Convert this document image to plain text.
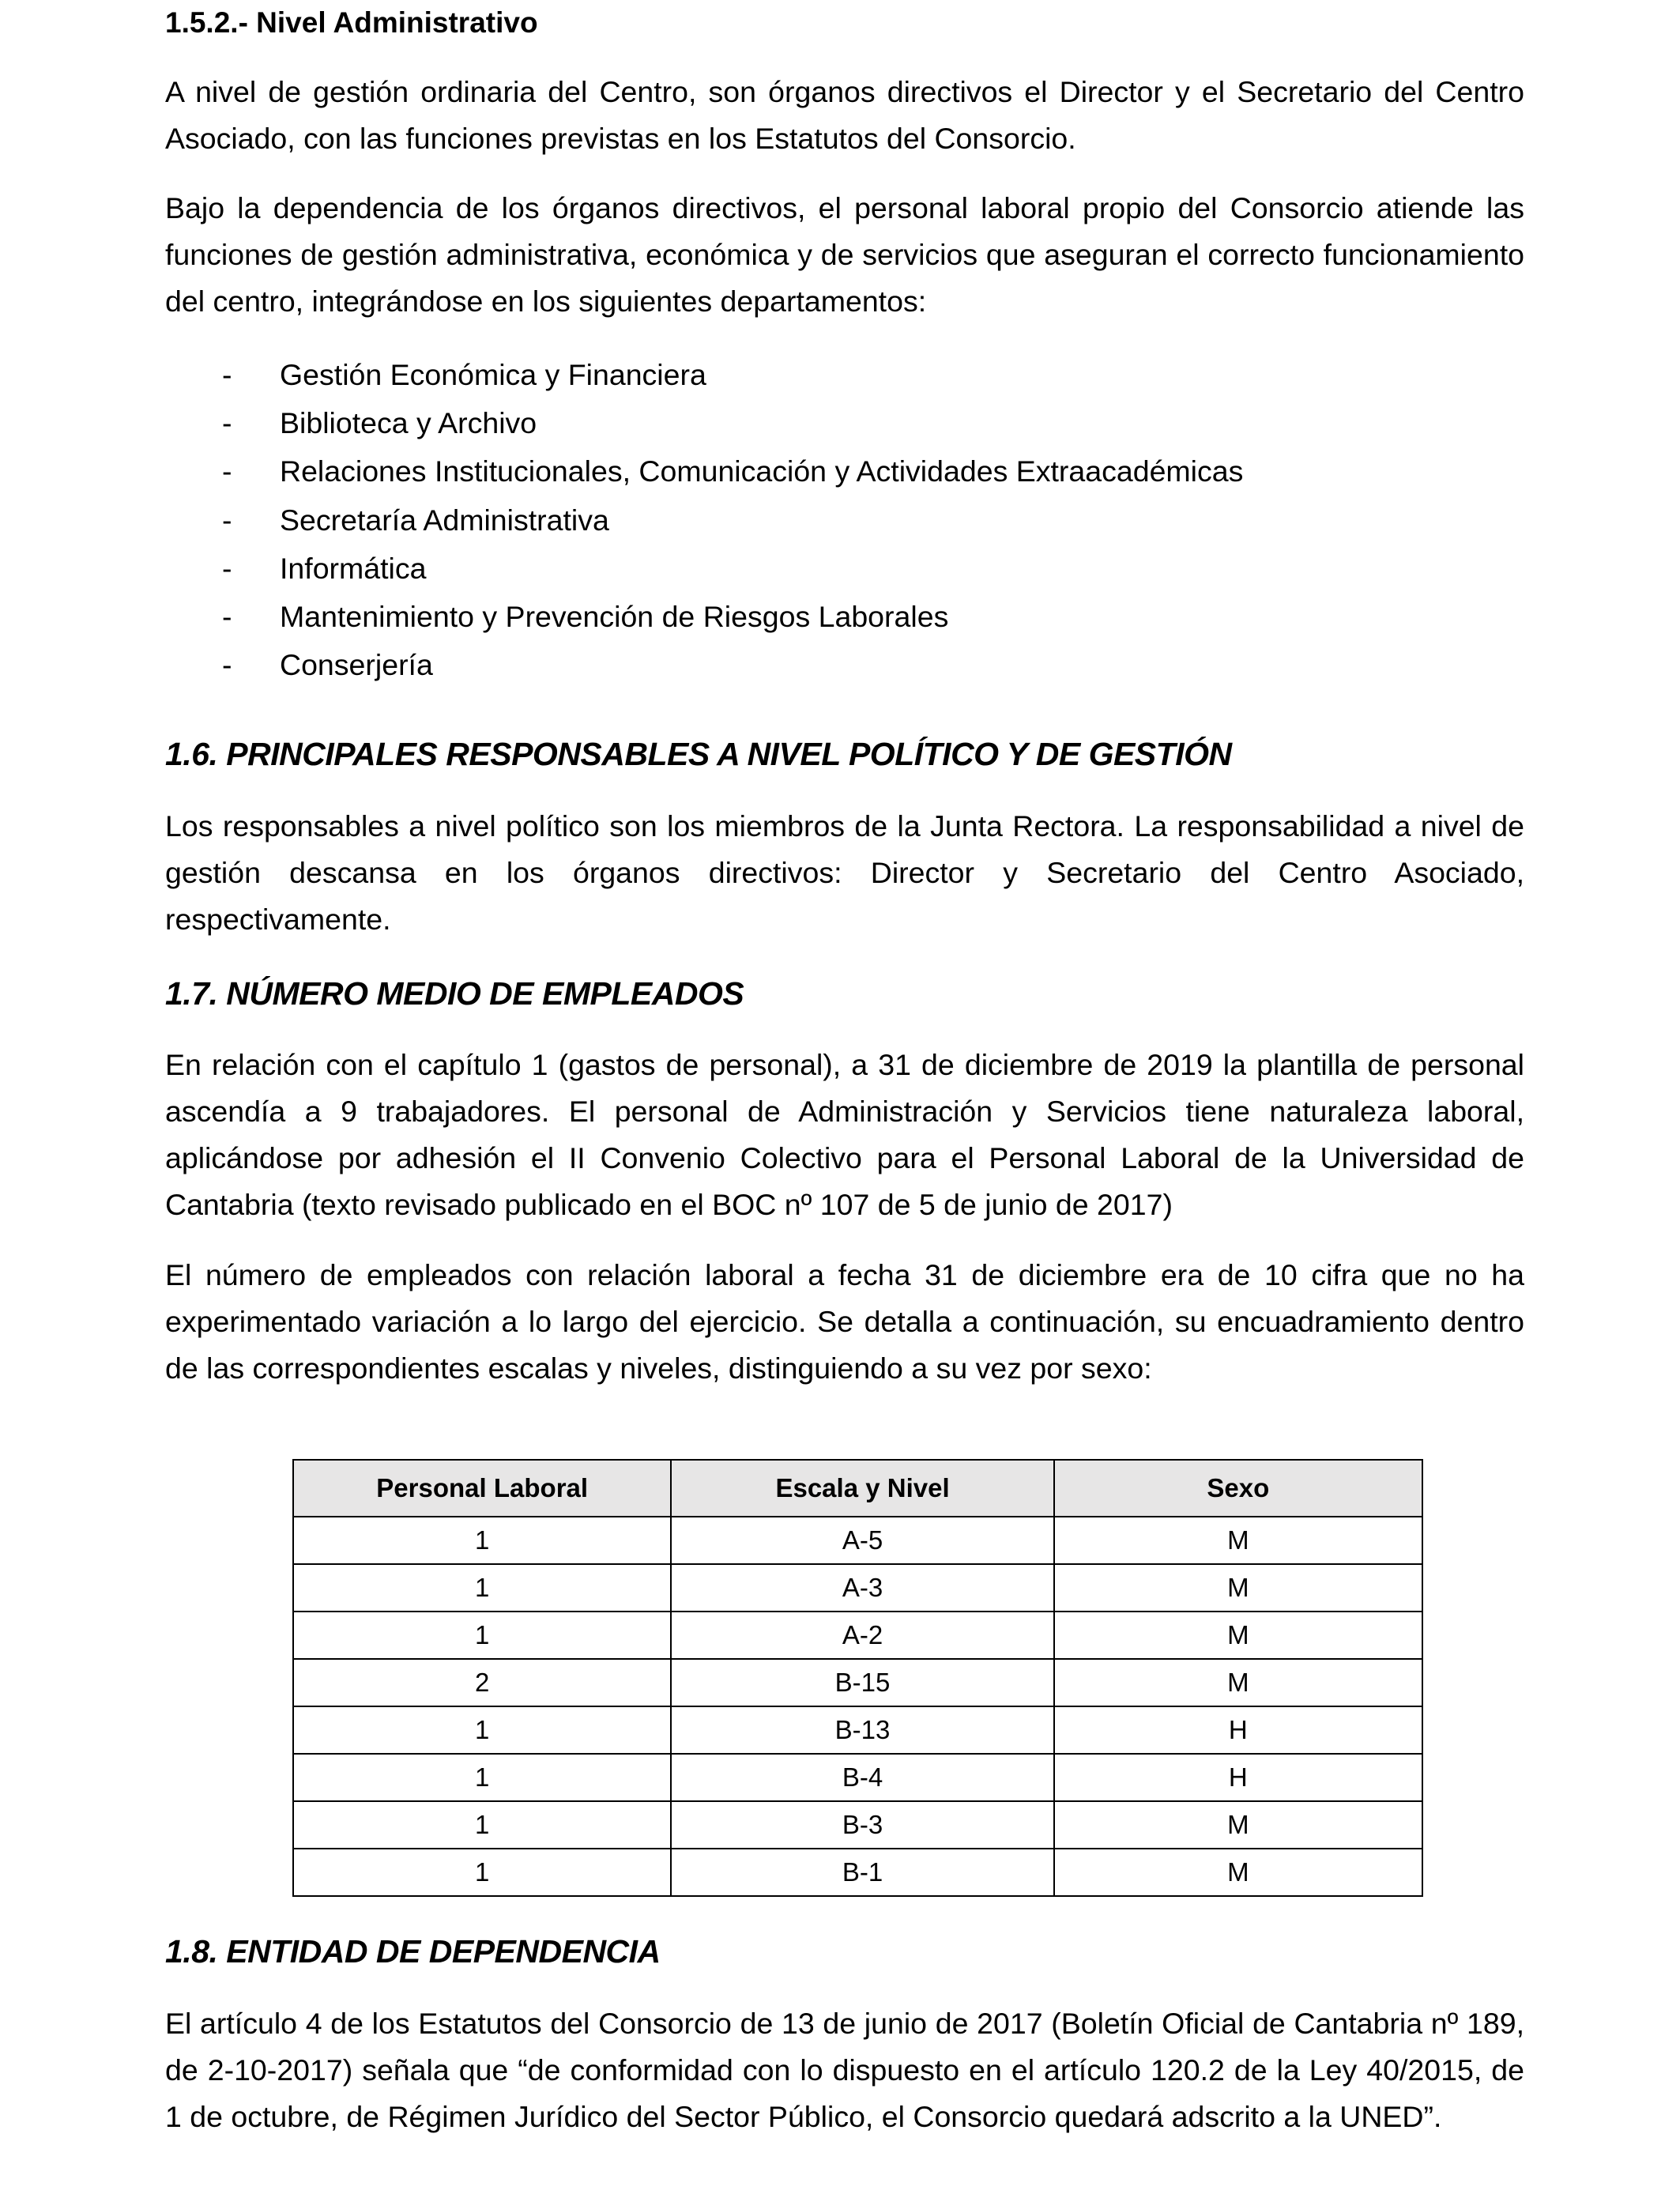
1.5.2.- Nivel Administrativo

A nivel de gestión ordinaria del Centro, son órganos directivos el Director y el Secretario del Centro Asociado, con las funciones previstas en los Estatutos del Consorcio.

Bajo la dependencia de los órganos directivos, el personal laboral propio del Consorcio atiende las funciones de gestión administrativa, económica y de servicios que aseguran el correcto funcionamiento del centro, integrándose en los siguientes departamentos:

- Gestión Económica y Financiera
- Biblioteca y Archivo
- Relaciones Institucionales, Comunicación y Actividades Extraacadémicas
- Secretaría Administrativa
- Informática
- Mantenimiento y Prevención de Riesgos Laborales
- Conserjería
1.6. PRINCIPALES RESPONSABLES A NIVEL POLÍTICO Y DE GESTIÓN

Los responsables a nivel político son los miembros de la Junta Rectora. La responsabilidad a nivel de gestión descansa en los órganos directivos: Director y Secretario del Centro Asociado, respectivamente.

1.7. NÚMERO MEDIO DE EMPLEADOS

En relación con el capítulo 1 (gastos de personal), a 31 de diciembre de 2019 la plantilla de personal ascendía a 9 trabajadores. El personal de Administración y Servicios tiene naturaleza laboral, aplicándose por adhesión el II Convenio Colectivo para el Personal Laboral de la Universidad de Cantabria (texto revisado publicado en el BOC nº 107 de 5 de junio de 2017)

El número de empleados con relación laboral a fecha 31 de diciembre era de 10 cifra que no ha experimentado variación a lo largo del ejercicio. Se detalla a continuación, su encuadramiento dentro de las correspondientes escalas y niveles, distinguiendo a su vez por sexo:

Personal Laboral	Escala y Nivel	Sexo
1	A-5	M
1	A-3	M
1	A-2	M
2	B-15	M
1	B-13	H
1	B-4	H
1	B-3	M
1	B-1	M
1.8. ENTIDAD DE DEPENDENCIA

El artículo 4 de los Estatutos del Consorcio de 13 de junio de 2017 (Boletín Oficial de Cantabria nº 189, de 2-10-2017) señala que “de conformidad con lo dispuesto en el artículo 120.2 de la Ley 40/2015, de 1 de octubre, de Régimen Jurídico del Sector Público, el Consorcio quedará adscrito a la UNED”.
